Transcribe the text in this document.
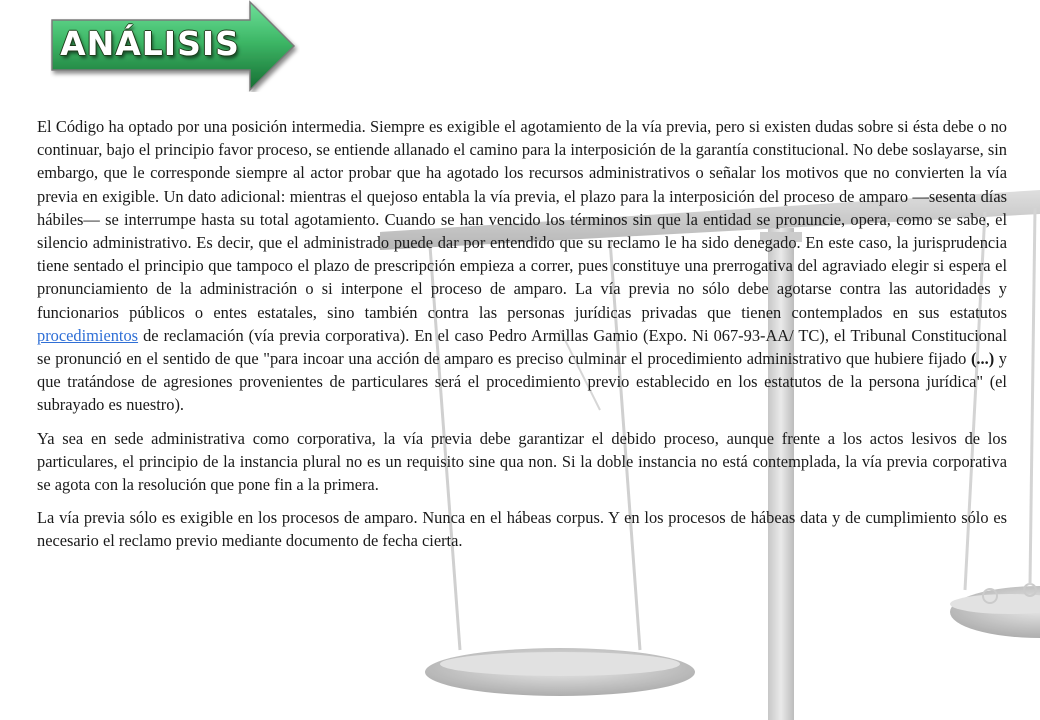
ANÁLISIS

El Código ha optado por una posición intermedia. Siempre es exigible el agotamiento de la vía previa, pero si existen dudas sobre si ésta debe o no continuar, bajo el principio favor proceso, se entiende allanado el camino para la interposición de la garantía constitucional. No debe soslayarse, sin embargo, que le corresponde siempre al actor probar que ha agotado los recursos administrativos o señalar los motivos que no convierten la vía previa en exigible. Un dato adicional: mientras el quejoso entabla la vía previa, el plazo para la interposición del proceso de amparo —sesenta días hábiles— se interrumpe hasta su total agotamiento. Cuando se han vencido los términos sin que la entidad se pronuncie, opera, como se sabe, el silencio administrativo. Es decir, que el administrado puede dar por entendido que su reclamo le ha sido denegado. En este caso, la jurisprudencia tiene sentado el principio que tampoco el plazo de prescripción empieza a correr, pues constituye una prerrogativa del agraviado elegir si espera el pronunciamiento de la administración o si interpone el proceso de amparo. La vía previa no sólo debe agotarse contra las autoridades y funcionarios públicos o entes estatales, sino también contra las personas jurídicas privadas que tienen contemplados en sus estatutos procedimientos de reclamación (vía previa corporativa). En el caso Pedro Armillas Gamio (Expo. Ni 067-93-AA/ TC), el Tribunal Constitucional se pronunció en el sentido de que "para incoar una acción de amparo es preciso culminar el procedimiento administrativo que hubiere fijado (...) y que tratándose de agresiones provenientes de particulares será el procedimiento previo establecido en los estatutos de la persona jurídica" (el subrayado es nuestro).

Ya sea en sede administrativa como corporativa, la vía previa debe garantizar el debido proceso, aunque frente a los actos lesivos de los particulares, el principio de la instancia plural no es un requisito sine qua non. Si la doble instancia no está contemplada, la vía previa corporativa se agota con la resolución que pone fin a la primera.

La vía previa sólo es exigible en los procesos de amparo. Nunca en el hábeas corpus. Y en los procesos de hábeas data y de cumplimiento sólo es necesario el reclamo previo mediante documento de fecha cierta.
